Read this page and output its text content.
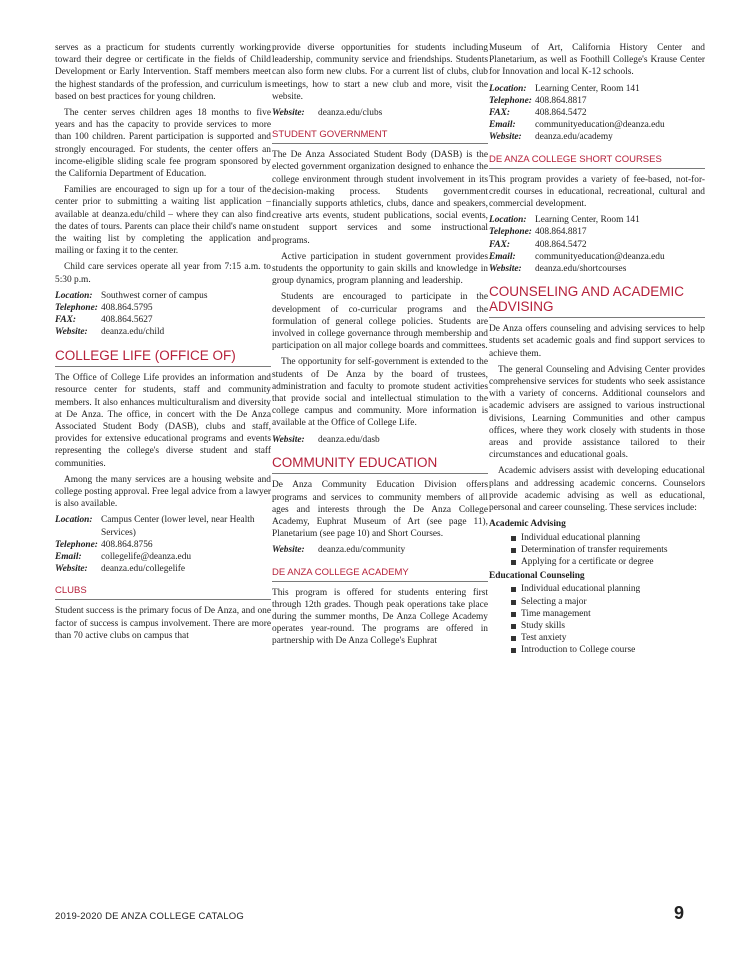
serves as a practicum for students currently working toward their degree or certificate in the fields of Child Development or Early Intervention. Staff members meet the highest standards of the profession, and curriculum is based on best practices for young children.

The center serves children ages 18 months to five years and has the capacity to provide services to more than 100 children. Parent participation is supported and strongly encouraged. For students, the center offers an income-eligible sliding scale fee program sponsored by the California Department of Education.

Families are encouraged to sign up for a tour of the center prior to submitting a waiting list application – available at deanza.edu/child – where they can also find the dates of tours. Parents can place their child's name on the waiting list by completing the application and mailing or faxing it to the center.

Child care services operate all year from 7:15 a.m. to 5:30 p.m.

Location: Southwest corner of campus
Telephone: 408.864.5795
FAX:	408.864.5627
Website:	deanza.edu/child
COLLEGE LIFE (OFFICE OF)

The Office of College Life provides an information and resource center for students, staff and community members. It also enhances multiculturalism and diversity at De Anza. The office, in concert with the De Anza Associated Student Body (DASB), clubs and staff, provides for extensive educational programs and events representing the college's diverse student and staff communities.

Among the many services are a housing website and college posting approval. Free legal advice from a lawyer is also available.

Location: Campus Center (lower level, near Health Services)
Telephone: 408.864.8756
Email:	collegelife@deanza.edu
Website:	deanza.edu/collegelife
CLUBS

Student success is the primary focus of De Anza, and one factor of success is campus involvement. There are more than 70 active clubs on campus that

provide diverse opportunities for students including leadership, community service and friendships. Students can also form new clubs. For a current list of clubs, club meetings, how to start a new club and more, visit the website.

Website:	deanza.edu/clubs
STUDENT GOVERNMENT

The De Anza Associated Student Body (DASB) is the elected government organization designed to enhance the college environment through student involvement in its decision-making process. Students government financially supports athletics, clubs, dance and speakers, creative arts events, student publications, social events, student support services and some instructional programs.

Active participation in student government provides students the opportunity to gain skills and knowledge in group dynamics, program planning and leadership.

Students are encouraged to participate in the development of co-curricular programs and the formulation of general college policies. Students are involved in college governance through membership and participation on all major college boards and committees.

The opportunity for self-government is extended to the students of De Anza by the board of trustees, administration and faculty to promote student activities that provide social and intellectual stimulation to the college campus and community. More information is available at the Office of College Life.

Website:	deanza.edu/dasb
COMMUNITY EDUCATION

De Anza Community Education Division offers programs and services to community members of all ages and interests through the De Anza College Academy, Euphrat Museum of Art (see page 11), Planetarium (see page 10) and Short Courses.

Website:	deanza.edu/community
DE ANZA COLLEGE ACADEMY

This program is offered for students entering first through 12th grades. Though peak operations take place during the summer months, De Anza College Academy operates year-round. The programs are offered in partnership with De Anza College's Euphrat

Museum of Art, California History Center and Planetarium, as well as Foothill College's Krause Center for Innovation and local K-12 schools.

Location: Learning Center, Room 141
Telephone: 408.864.8817
FAX:	408.864.5472
Email:	communityeducation@deanza.edu
Website:	deanza.edu/academy
DE ANZA COLLEGE SHORT COURSES

This program provides a variety of fee-based, not-for-credit courses in educational, recreational, cultural and commercial development.

Location: Learning Center, Room 141
Telephone: 408.864.8817
FAX:	408.864.5472
Email:	communityeducation@deanza.edu
Website:	deanza.edu/shortcourses
COUNSELING AND ACADEMIC ADVISING

De Anza offers counseling and advising services to help students set academic goals and find support services to achieve them.

The general Counseling and Advising Center provides comprehensive services for students who seek assistance with a variety of concerns. Additional counselors and academic advisers are assigned to various instructional divisions, Learning Communities and other campus offices, where they work closely with students in those areas and provide assistance tailored to their circumstances and educational goals.

Academic advisers assist with developing educational plans and addressing academic concerns. Counselors provide academic advising as well as educational, personal and career counseling. These services include:

Academic Advising
Individual educational planning
Determination of transfer requirements
Applying for a certificate or degree
Educational Counseling
Individual educational planning
Selecting a major
Time management
Study skills
Test anxiety
Introduction to College course
2019-2020 DE ANZA COLLEGE CATALOG	9
